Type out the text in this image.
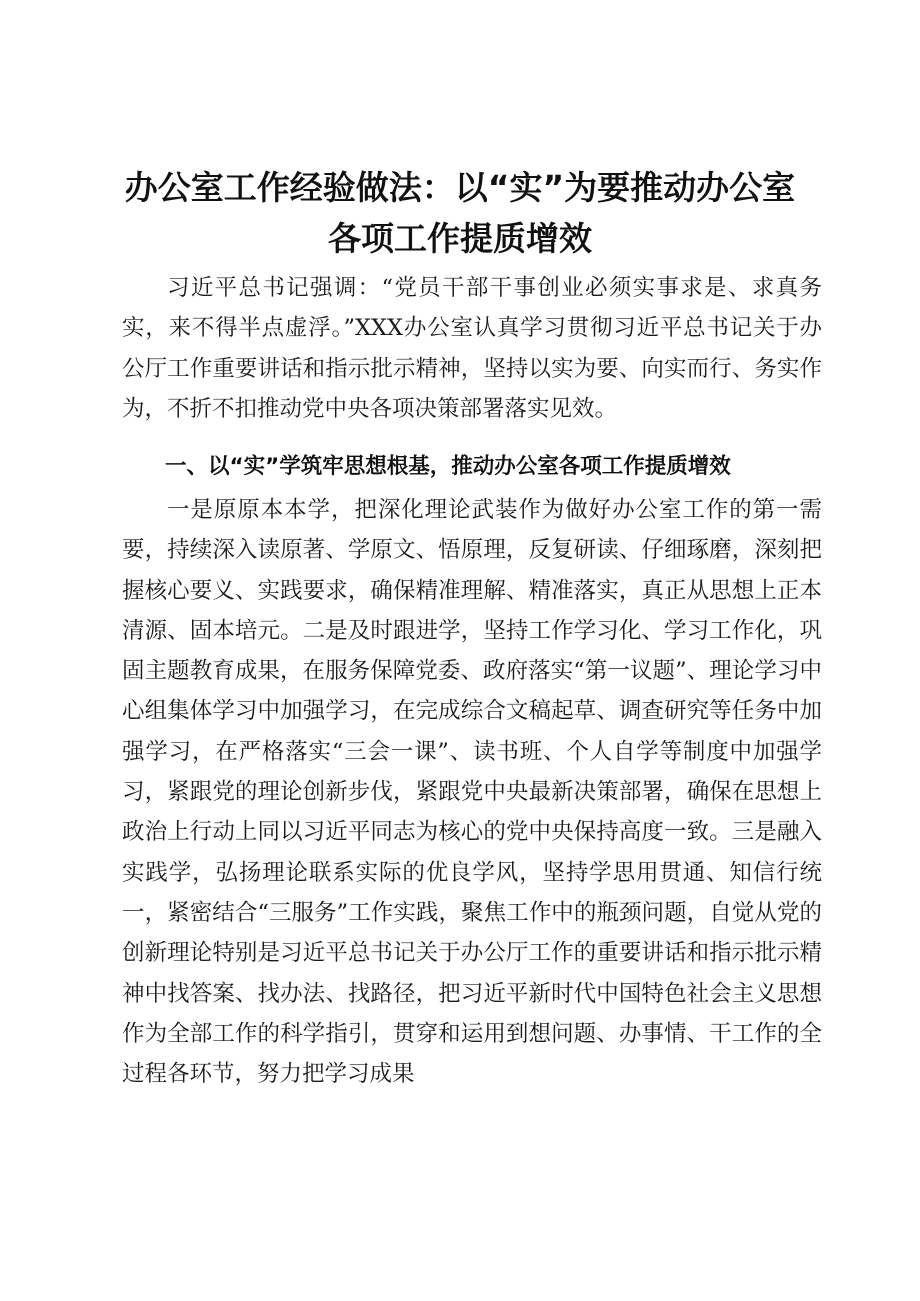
办公室工作经验做法：以“实”为要推动办公室
各项工作提质增效

习近平总书记强调：“党员干部干事创业必须实事求是、求真务实，来不得半点虚浮。”XXX办公室认真学习贯彻习近平总书记关于办公厅工作重要讲话和指示批示精神，坚持以实为要、向实而行、务实作为，不折不扣推动党中央各项决策部署落实见效。

一、以“实”学筑牢思想根基，推动办公室各项工作提质增效

一是原原本本学，把深化理论武装作为做好办公室工作的第一需要，持续深入读原著、学原文、悟原理，反复研读、仔细琢磨，深刻把握核心要义、实践要求，确保精准理解、精准落实，真正从思想上正本清源、固本培元。二是及时跟进学，坚持工作学习化、学习工作化，巩固主题教育成果，在服务保障党委、政府落实“第一议题”、理论学习中心组集体学习中加强学习，在完成综合文稿起草、调查研究等任务中加强学习，在严格落实“三会一课”、读书班、个人自学等制度中加强学习，紧跟党的理论创新步伐，紧跟党中央最新决策部署，确保在思想上政治上行动上同以习近平同志为核心的党中央保持高度一致。三是融入实践学，弘扬理论联系实际的优良学风，坚持学思用贯通、知信行统一，紧密结合“三服务”工作实践，聚焦工作中的瓶颈问题，自觉从党的创新理论特别是习近平总书记关于办公厅工作的重要讲话和指示批示精神中找答案、找办法、找路径，把习近平新时代中国特色社会主义思想作为全部工作的科学指引，贯穿和运用到想问题、办事情、干工作的全过程各环节，努力把学习成果
